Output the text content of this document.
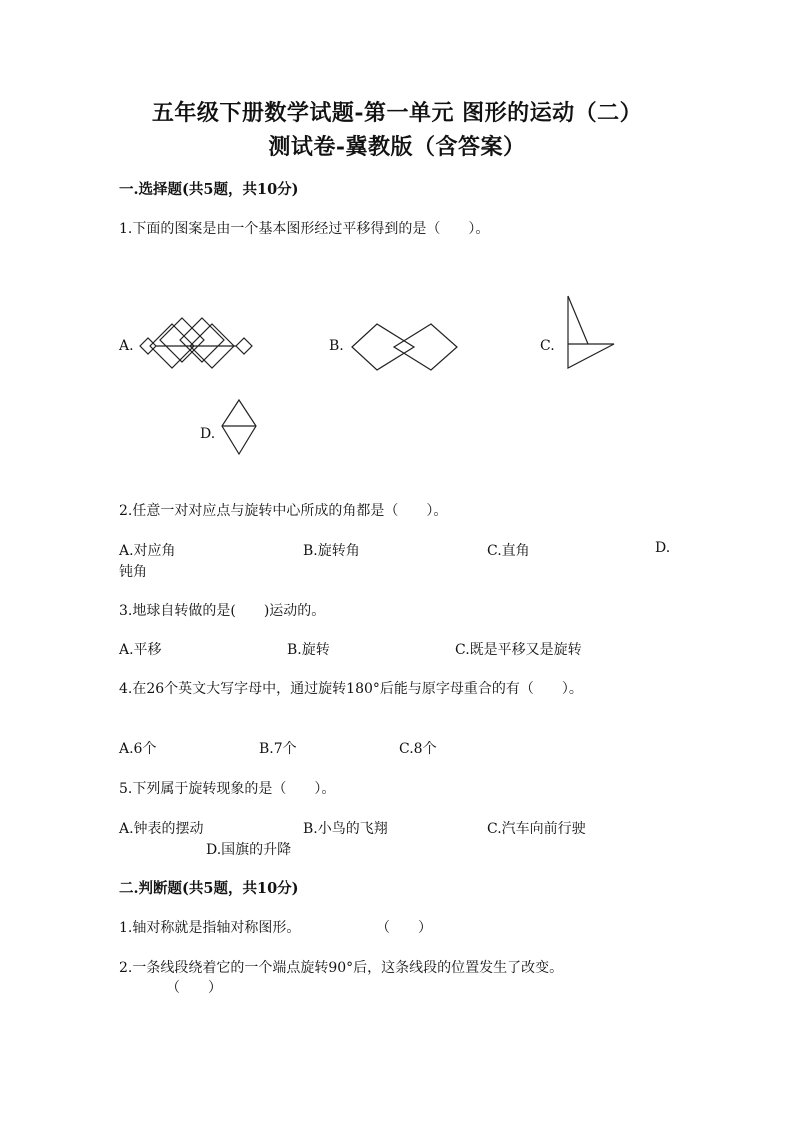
五年级下册数学试题-第一单元 图形的运动（二）
测试卷-冀教版（含答案）
一.选择题(共5题，共10分)
1.下面的图案是由一个基本图形经过平移得到的是（　　）。
A.	B.	C.
D.
2.任意一对对应点与旋转中心所成的角都是（　　）。
A.对应角	B.旋转角	C.直角	D.
钝角
3.地球自转做的是(　　)运动的。
A.平移	B.旋转	C.既是平移又是旋转
4.在26个英文大写字母中，通过旋转180°后能与原字母重合的有（　　）。
A.6个	B.7个	C.8个
5.下列属于旋转现象的是（　　）。
A.钟表的摆动	B.小鸟的飞翔	C.汽车向前行驶
D.国旗的升降
二.判断题(共5题，共10分)
1.轴对称就是指轴对称图形。	（　　）
2.一条线段绕着它的一个端点旋转90°后，这条线段的位置发生了改变。
（　　）
